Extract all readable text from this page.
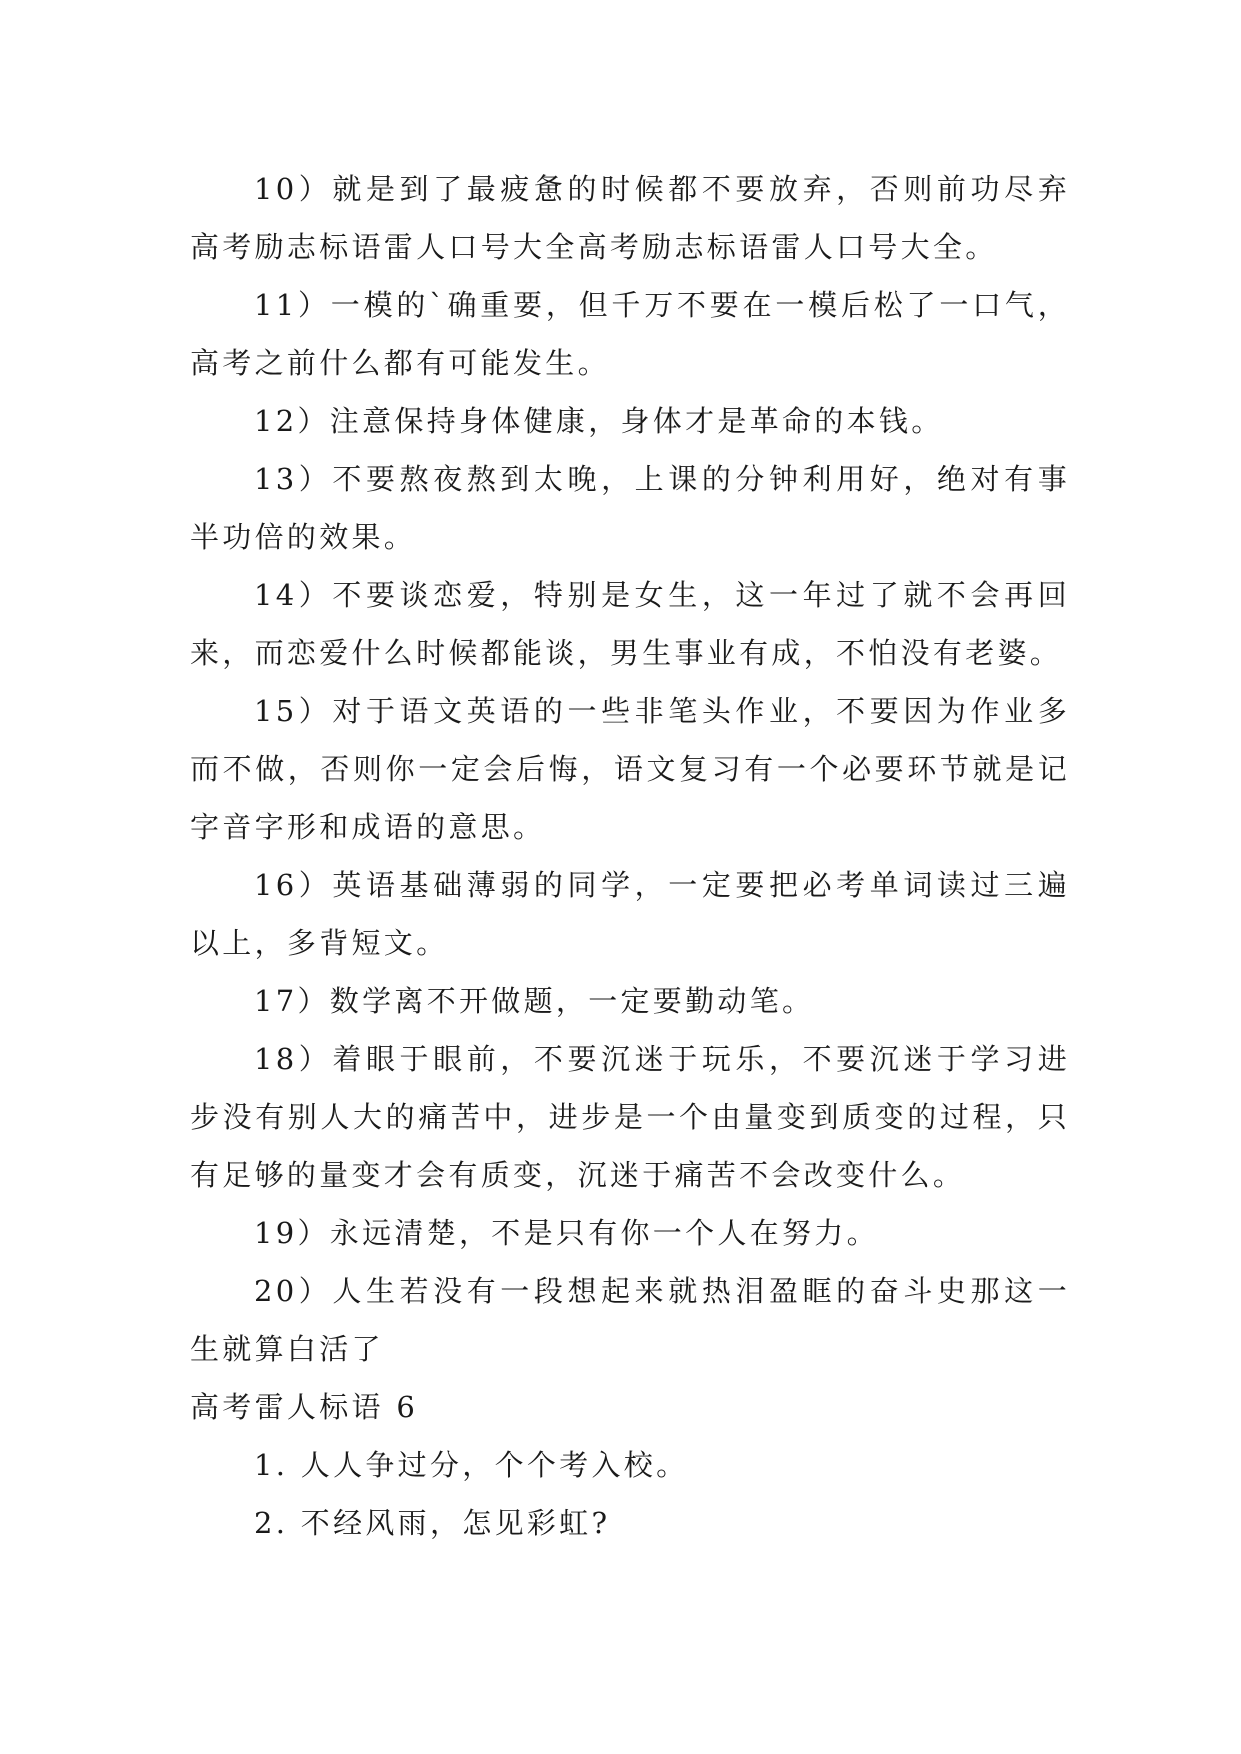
10）就是到了最疲惫的时候都不要放弃，否则前功尽弃高考励志标语雷人口号大全高考励志标语雷人口号大全。

11）一模的`确重要，但千万不要在一模后松了一口气，高考之前什么都有可能发生。

12）注意保持身体健康，身体才是革命的本钱。

13）不要熬夜熬到太晚，上课的分钟利用好，绝对有事半功倍的效果。

14）不要谈恋爱，特别是女生，这一年过了就不会再回来，而恋爱什么时候都能谈，男生事业有成，不怕没有老婆。

15）对于语文英语的一些非笔头作业，不要因为作业多而不做，否则你一定会后悔，语文复习有一个必要环节就是记字音字形和成语的意思。

16）英语基础薄弱的同学，一定要把必考单词读过三遍以上，多背短文。

17）数学离不开做题，一定要勤动笔。

18）着眼于眼前，不要沉迷于玩乐，不要沉迷于学习进步没有别人大的痛苦中，进步是一个由量变到质变的过程，只有足够的量变才会有质变，沉迷于痛苦不会改变什么。

19）永远清楚，不是只有你一个人在努力。

20）人生若没有一段想起来就热泪盈眶的奋斗史那这一生就算白活了

高考雷人标语 6

1. 人人争过分，个个考入校。

2. 不经风雨，怎见彩虹?
